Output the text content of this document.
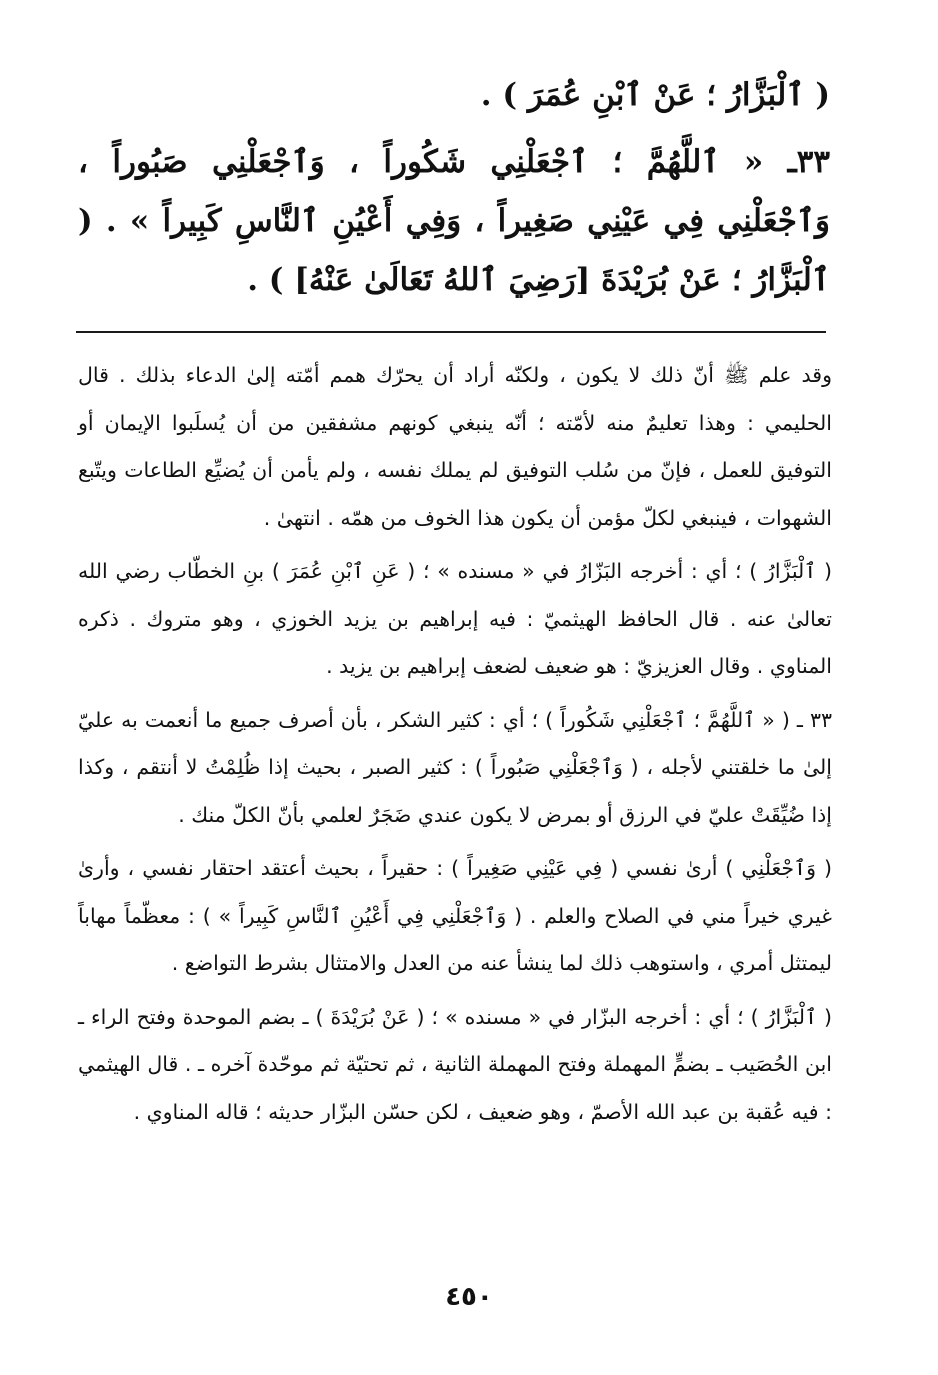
( ٱلْبَزَّارُ ؛ عَنْ ٱبْنِ عُمَرَ ) .

٣٣ـ « ٱللَّهُمَّ ؛ ٱجْعَلْنِي شَكُوراً ، وَٱجْعَلْنِي صَبُوراً ، وَٱجْعَلْنِي فِي عَيْنِي صَغِيراً ، وَفِي أَعْيُنِ ٱلنَّاسِ كَبِيراً » . ( ٱلْبَزَّارُ ؛ عَنْ بُرَيْدَةَ [رَضِيَ ٱللهُ تَعَالَىٰ عَنْهُ] ) .

وقد علم ﷺ أنّ ذلك لا يكون ، ولكنّه أراد أن يحرّك همم أمّته إلىٰ الدعاء بذلك . قال الحليمي : وهذا تعليمٌ منه لأمّته ؛ أنّه ينبغي كونهم مشفقين من أن يُسلَبوا الإيمان أو التوفيق للعمل ، فإنّ من سُلب التوفيق لم يملك نفسه ، ولم يأمن أن يُضيِّع الطاعات ويتّبع الشهوات ، فينبغي لكلّ مؤمن أن يكون هذا الخوف من همّه . انتهىٰ .

( ٱلْبَزَّارُ ) ؛ أي : أخرجه البَزّارُ في « مسنده » ؛ ( عَنِ ٱبْنِ عُمَرَ ) بنِ الخطّاب رضي الله تعالىٰ عنه . قال الحافظ الهيثميّ : فيه إبراهيم بن يزيد الخوزي ، وهو متروك . ذكره المناوي . وقال العزيزيّ : هو ضعيف لضعف إبراهيم بن يزيد .

٣٣ ـ ( « ٱللَّهُمَّ ؛ ٱجْعَلْنِي شَكُوراً ) ؛ أي : كثير الشكر ، بأن أصرف جميع ما أنعمت به عليّ إلىٰ ما خلقتني لأجله ، ( وَٱجْعَلْنِي صَبُوراً ) : كثير الصبر ، بحيث إذا ظُلِمْتُ لا أنتقم ، وكذا إذا ضُيِّقَتْ عليّ في الرزق أو بمرض لا يكون عندي ضَجَرٌ لعلمي بأنّ الكلّ منك .

( وَٱجْعَلْنِي ) أرىٰ نفسي ( فِي عَيْنِي صَغِيراً ) : حقيراً ، بحيث أعتقد احتقار نفسي ، وأرىٰ غيري خيراً مني في الصلاح والعلم . ( وَٱجْعَلْنِي فِي أَعْيُنِ ٱلنَّاسِ كَبِيراً » ) : معظّماً مهاباً ليمتثل أمري ، واستوهب ذلك لما ينشأ عنه من العدل والامتثال بشرط التواضع .

( ٱلْبَزَّارُ ) ؛ أي : أخرجه البزّار في « مسنده » ؛ ( عَنْ بُرَيْدَةَ ) ـ بضم الموحدة وفتح الراء ـ ابن الحُصَيب ـ بضمٍّ المهملة وفتح المهملة الثانية ، ثم تحتيّة ثم موحّدة آخره ـ . قال الهيثمي : فيه عُقبة بن عبد الله الأصمّ ، وهو ضعيف ، لكن حسّن البزّار حديثه ؛ قاله المناوي .

٤٥٠
